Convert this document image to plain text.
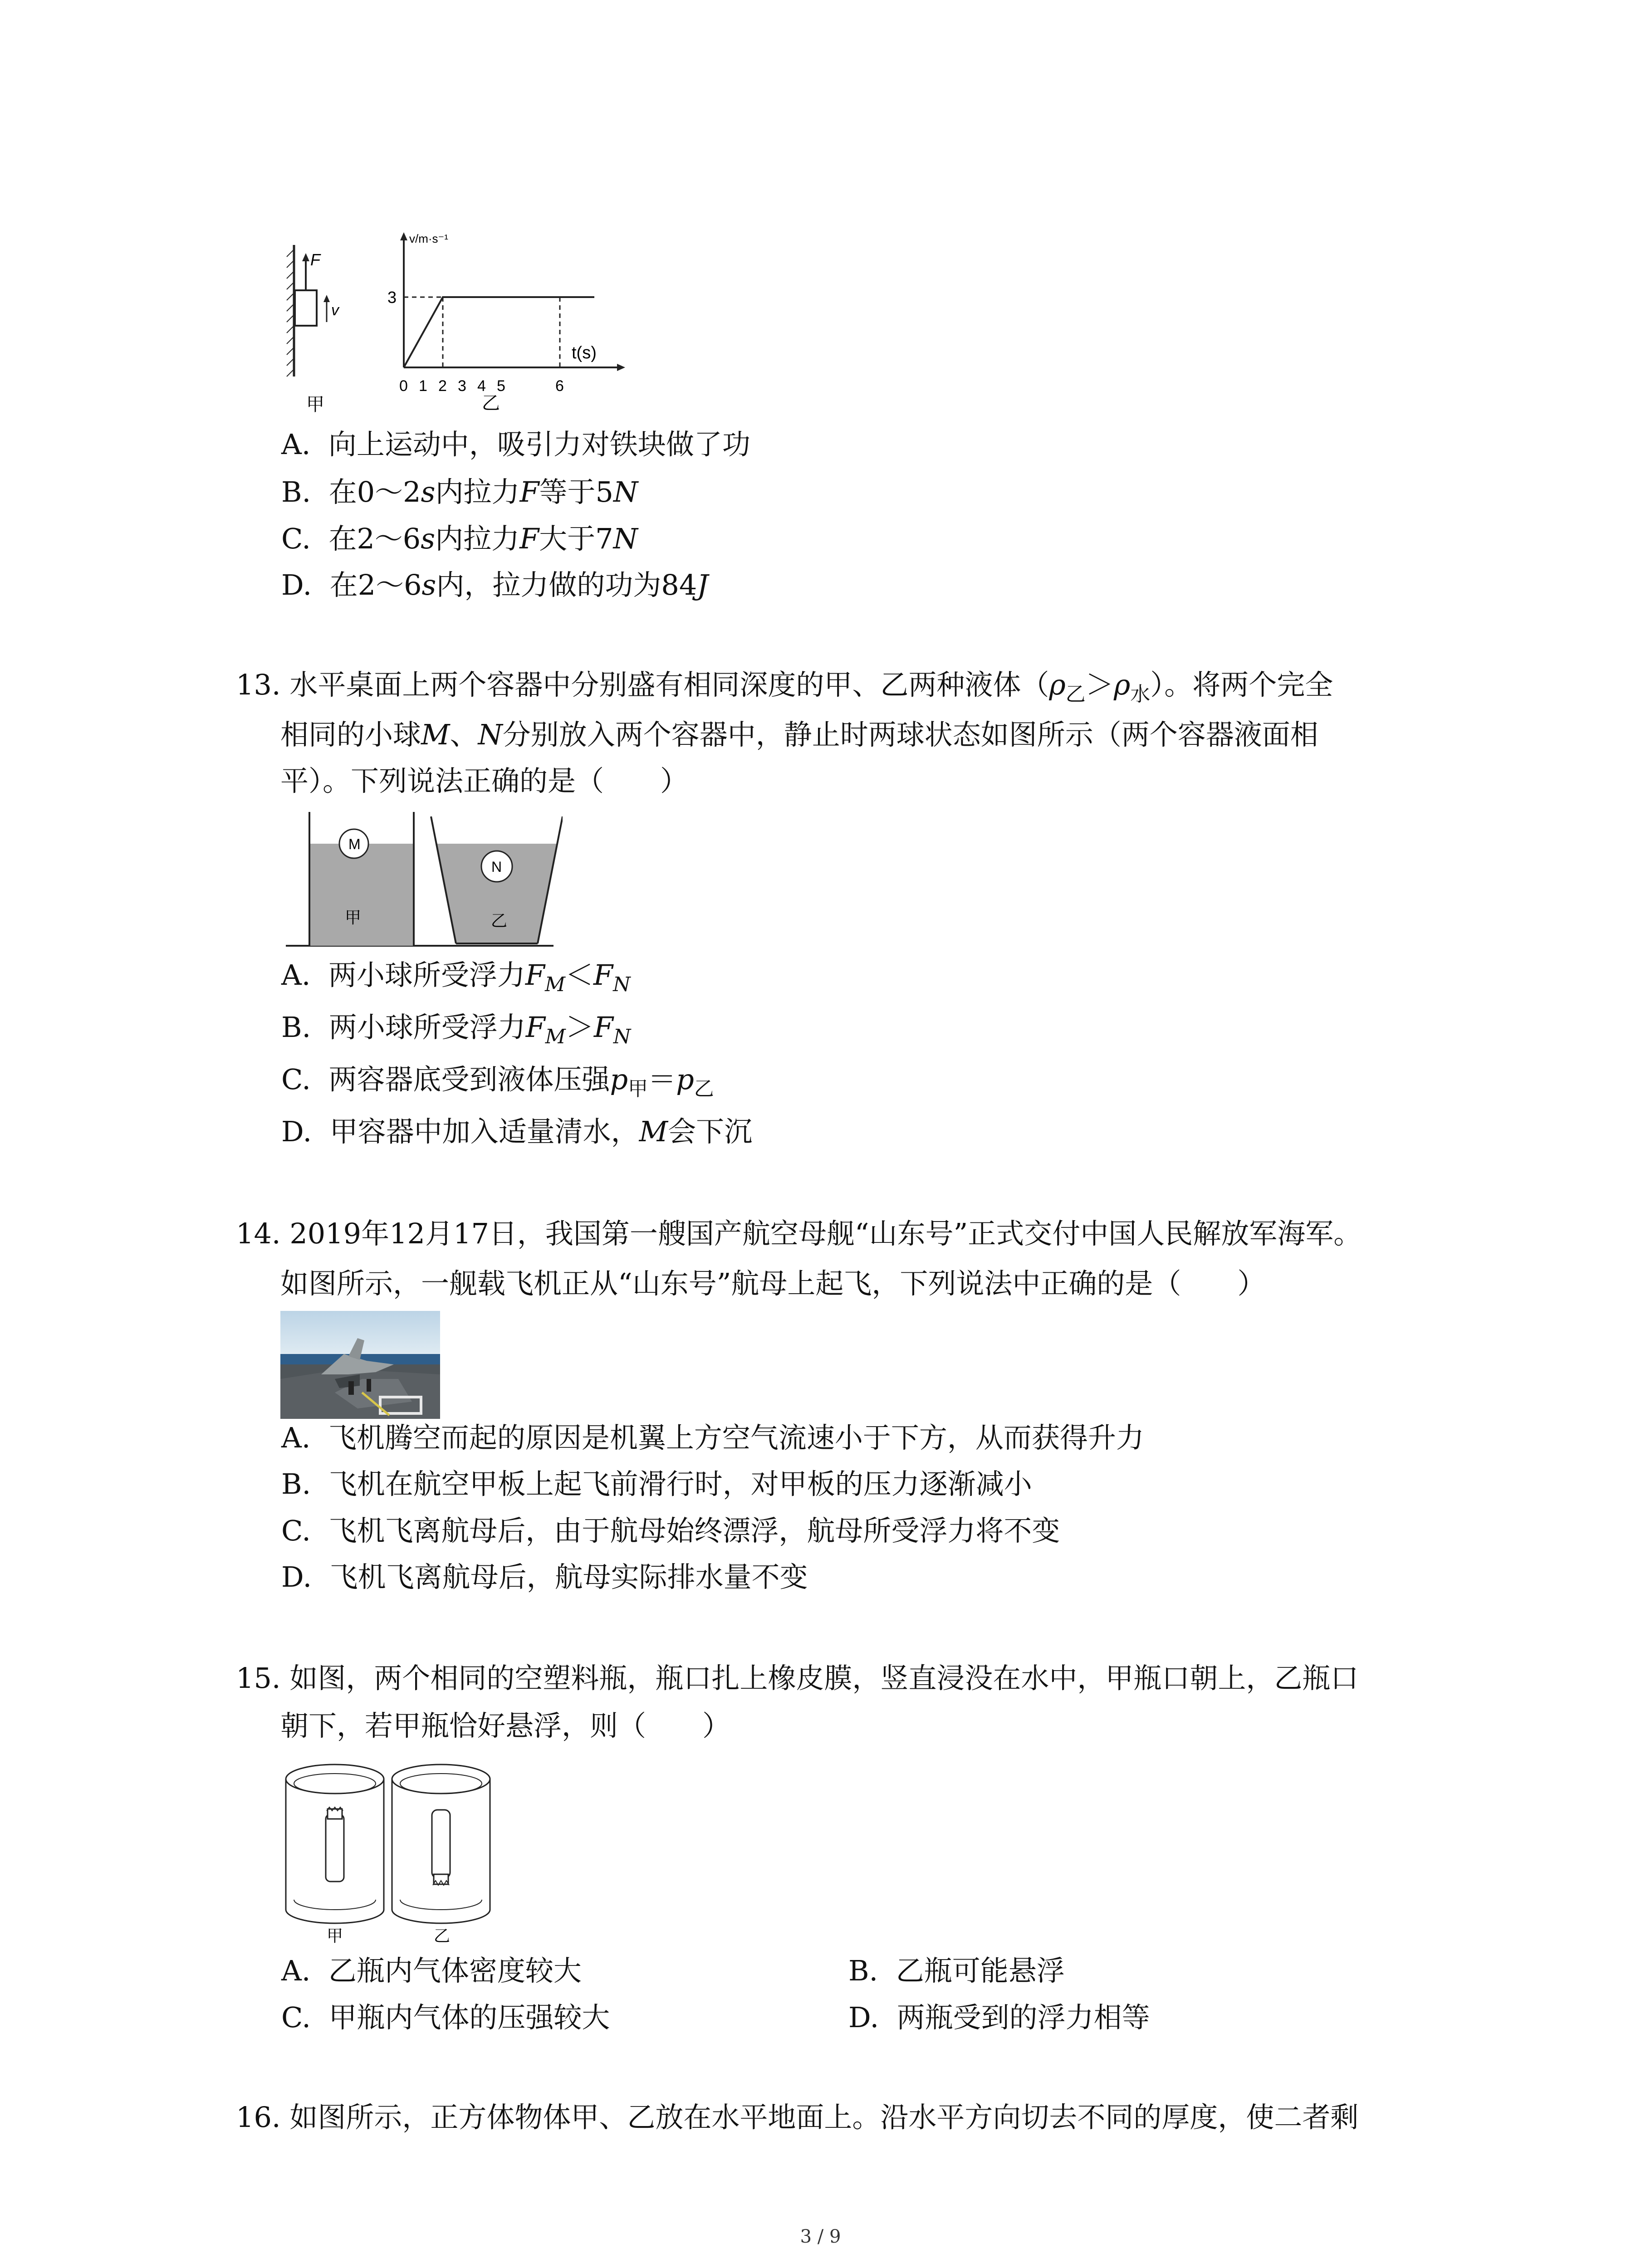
F
v
甲
v/m·s⁻¹
t(s)
3
0 1 2 3 4 5	6
乙
A. 向上运动中，吸引力对铁块做了功
B. 在0～2s内拉力F等于5N
C. 在2～6s内拉力F大于7N
D. 在2～6s内，拉力做的功为84J
13. 水平桌面上两个容器中分别盛有相同深度的甲、乙两种液体$(\rho_乙>\rho_水)$。将两个完全
相同的小球M、N分别放入两个容器中，静止时两球状态如图所示（两个容器液面相
平）。下列说法正确的是（　　）
M
甲
N
乙
A. 两小球所受浮力$F_M<F_N$
B. 两小球所受浮力$F_M>F_N$
C. 两容器底受到液体压强$p_甲=p_乙$
D. 甲容器中加入适量清水，M会下沉
14. 2019年12月17日，我国第一艘国产航空母舰“山东号”正式交付中国人民解放军海军。
如图所示，一舰载飞机正从“山东号”航母上起飞，下列说法中正确的是（　　）
A. 飞机腾空而起的原因是机翼上方空气流速小于下方，从而获得升力
B. 飞机在航空甲板上起飞前滑行时，对甲板的压力逐渐减小
C. 飞机飞离航母后，由于航母始终漂浮，航母所受浮力将不变
D. 飞机飞离航母后，航母实际排水量不变
15. 如图，两个相同的空塑料瓶，瓶口扎上橡皮膜，竖直浸没在水中，甲瓶口朝上，乙瓶口
朝下，若甲瓶恰好悬浮，则（　　）
甲	乙
A. 乙瓶内气体密度较大	B. 乙瓶可能悬浮
C. 甲瓶内气体的压强较大	D. 两瓶受到的浮力相等
16. 如图所示，正方体物体甲、乙放在水平地面上。沿水平方向切去不同的厚度，使二者剩
3 / 9
